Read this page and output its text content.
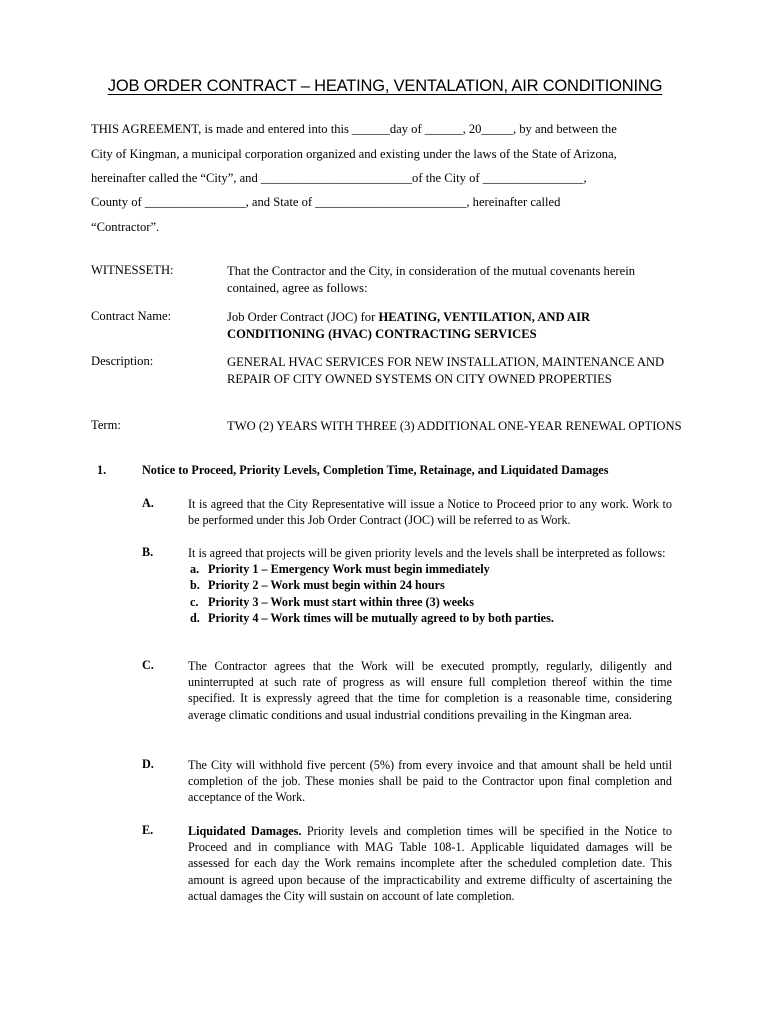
JOB ORDER CONTRACT – HEATING, VENTALATION, AIR CONDITIONING
THIS AGREEMENT, is made and entered into this ______day of ______, 20_____, by and between the
City of Kingman, a municipal corporation organized and existing under the laws of the State of Arizona,
hereinafter called the “City”, and ________________________of the City of ________________,
County of ________________, and State of ________________________, hereinafter called
“Contractor”.
WITNESSETH:	That the Contractor and the City, in consideration of the mutual covenants herein contained, agree as follows:
Contract Name:	Job Order Contract (JOC) for HEATING, VENTILATION, AND AIR CONDITIONING (HVAC) CONTRACTING SERVICES
Description:	GENERAL HVAC SERVICES FOR NEW INSTALLATION, MAINTENANCE AND REPAIR OF CITY OWNED SYSTEMS ON CITY OWNED PROPERTIES
Term:	TWO (2) YEARS WITH THREE (3) ADDITIONAL ONE-YEAR RENEWAL OPTIONS
1.	Notice to Proceed, Priority Levels, Completion Time, Retainage, and Liquidated Damages
A.	It is agreed that the City Representative will issue a Notice to Proceed prior to any work. Work to be performed under this Job Order Contract (JOC) will be referred to as Work.
B.	It is agreed that projects will be given priority levels and the levels shall be interpreted as follows:
a. Priority 1 – Emergency Work must begin immediately
b. Priority 2 – Work must begin within 24 hours
c. Priority 3 – Work must start within three (3) weeks
d. Priority 4 – Work times will be mutually agreed to by both parties.
C.	The Contractor agrees that the Work will be executed promptly, regularly, diligently and uninterrupted at such rate of progress as will ensure full completion thereof within the time specified. It is expressly agreed that the time for completion is a reasonable time, considering average climatic conditions and usual industrial conditions prevailing in the Kingman area.
D.	The City will withhold five percent (5%) from every invoice and that amount shall be held until completion of the job. These monies shall be paid to the Contractor upon final completion and acceptance of the Work.
E.	Liquidated Damages. Priority levels and completion times will be specified in the Notice to Proceed and in compliance with MAG Table 108-1. Applicable liquidated damages will be assessed for each day the Work remains incomplete after the scheduled completion date. This amount is agreed upon because of the impracticability and extreme difficulty of ascertaining the actual damages the City will sustain on account of late completion.
